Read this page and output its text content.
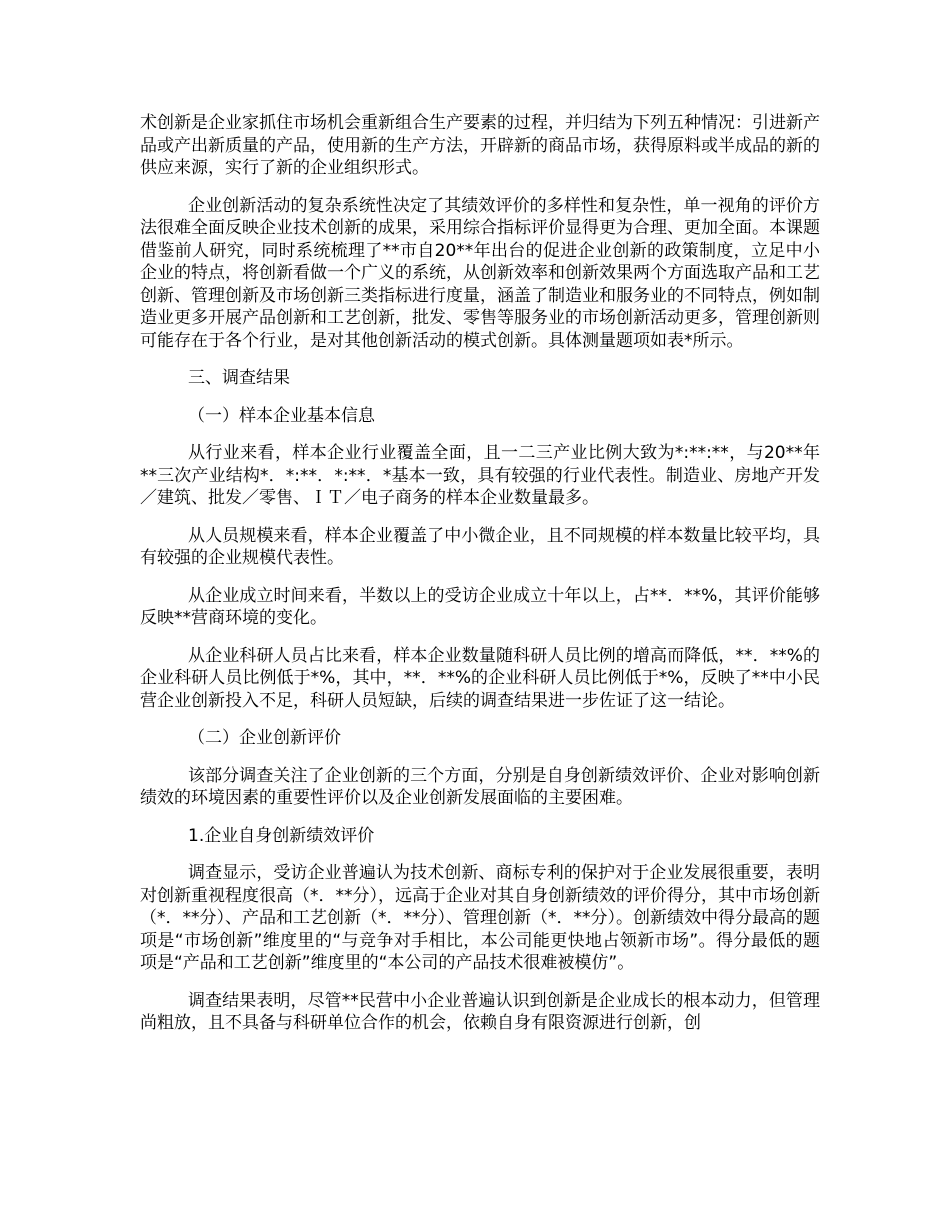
术创新是企业家抓住市场机会重新组合生产要素的过程，并归结为下列五种情况：引进新产品或产出新质量的产品，使用新的生产方法，开辟新的商品市场，获得原料或半成品的新的供应来源，实行了新的企业组织形式。

企业创新活动的复杂系统性决定了其绩效评价的多样性和复杂性，单一视角的评价方法很难全面反映企业技术创新的成果，采用综合指标评价显得更为合理、更加全面。本课题借鉴前人研究，同时系统梳理了**市自20**年出台的促进企业创新的政策制度，立足中小企业的特点，将创新看做一个广义的系统，从创新效率和创新效果两个方面选取产品和工艺创新、管理创新及市场创新三类指标进行度量，涵盖了制造业和服务业的不同特点，例如制造业更多开展产品创新和工艺创新，批发、零售等服务业的市场创新活动更多，管理创新则可能存在于各个行业，是对其他创新活动的模式创新。具体测量题项如表*所示。

三、调查结果

（一）样本企业基本信息

从行业来看，样本企业行业覆盖全面，且一二三产业比例大致为*:**:**，与20**年**三次产业结构*．*:**．*:**．*基本一致，具有较强的行业代表性。制造业、房地产开发／建筑、批发／零售、ＩＴ／电子商务的样本企业数量最多。

从人员规模来看，样本企业覆盖了中小微企业，且不同规模的样本数量比较平均，具有较强的企业规模代表性。

从企业成立时间来看，半数以上的受访企业成立十年以上，占**．**%，其评价能够反映**营商环境的变化。

从企业科研人员占比来看，样本企业数量随科研人员比例的增高而降低，**．**%的企业科研人员比例低于*%，其中，**．**%的企业科研人员比例低于*%，反映了**中小民营企业创新投入不足，科研人员短缺，后续的调查结果进一步佐证了这一结论。

（二）企业创新评价

该部分调查关注了企业创新的三个方面，分别是自身创新绩效评价、企业对影响创新绩效的环境因素的重要性评价以及企业创新发展面临的主要困难。

1.企业自身创新绩效评价

调查显示，受访企业普遍认为技术创新、商标专利的保护对于企业发展很重要，表明对创新重视程度很高（*．**分），远高于企业对其自身创新绩效的评价得分，其中市场创新（*．**分）、产品和工艺创新（*．**分）、管理创新（*．**分）。创新绩效中得分最高的题项是“市场创新”维度里的“与竞争对手相比，本公司能更快地占领新市场”。得分最低的题项是“产品和工艺创新”维度里的“本公司的产品技术很难被模仿”。

调查结果表明，尽管**民营中小企业普遍认识到创新是企业成长的根本动力，但管理尚粗放，且不具备与科研单位合作的机会，依赖自身有限资源进行创新，创
